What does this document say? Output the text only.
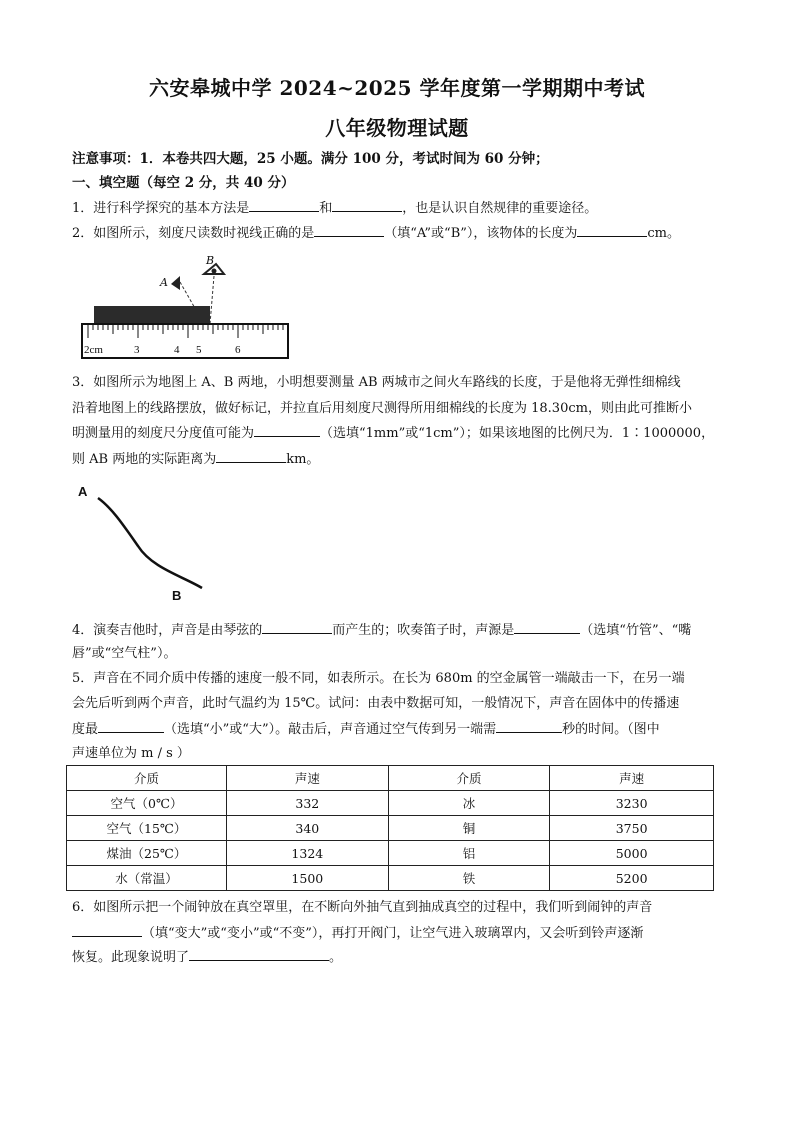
六安皋城中学 2024~2025 学年度第一学期期中考试
八年级物理试题
注意事项：1．本卷共四大题，25 小题。满分 100 分，考试时间为 60 分钟；
一、填空题（每空 2 分，共 40 分）
1．进行科学探究的基本方法是	和	，也是认识自然规律的重要途径。
2．如图所示，刻度尺读数时视线正确的是	（填“A”或“B”），该物体的长度为	cm。
A
B
2cm	3	4 5	6
3．如图所示为地图上 A、B 两地，小明想要测量 AB 两城市之间火车路线的长度，于是他将无弹性细棉线
沿着地图上的线路摆放，做好标记，并拉直后用刻度尺测得所用细棉线的长度为 18.30cm，则由此可推断小
明测量用的刻度尺分度值可能为	（选填“1mm”或“1cm”）；如果该地图的比例尺为．1∶1000000，
则 AB 两地的实际距离为	km。
A
B
4．演奏吉他时，声音是由琴弦的	而产生的；吹奏笛子时，声源是	（选填“竹管”、“嘴
唇”或“空气柱”）。
5．声音在不同介质中传播的速度一般不同，如表所示。在长为 680m 的空金属管一端敲击一下，在另一端
会先后听到两个声音，此时气温约为 15℃。试问：由表中数据可知，一般情况下，声音在固体中的传播速
度最	（选填“小”或“大”）。敲击后，声音通过空气传到另一端需	秒的时间。（图中
声速单位为 m / s ）
介质	声速	介质	声速
空气（0℃）	332	冰	3230
空气（15℃）	340	铜	3750
煤油（25℃）	1324	铝	5000
水（常温）	1500	铁	5200
6．如图所示把一个闹钟放在真空罩里，在不断向外抽气直到抽成真空的过程中，我们听到闹钟的声音
（填“变大”或“变小”或“不变”），再打开阀门，让空气进入玻璃罩内，又会听到铃声逐渐
恢复。此现象说明了	。
